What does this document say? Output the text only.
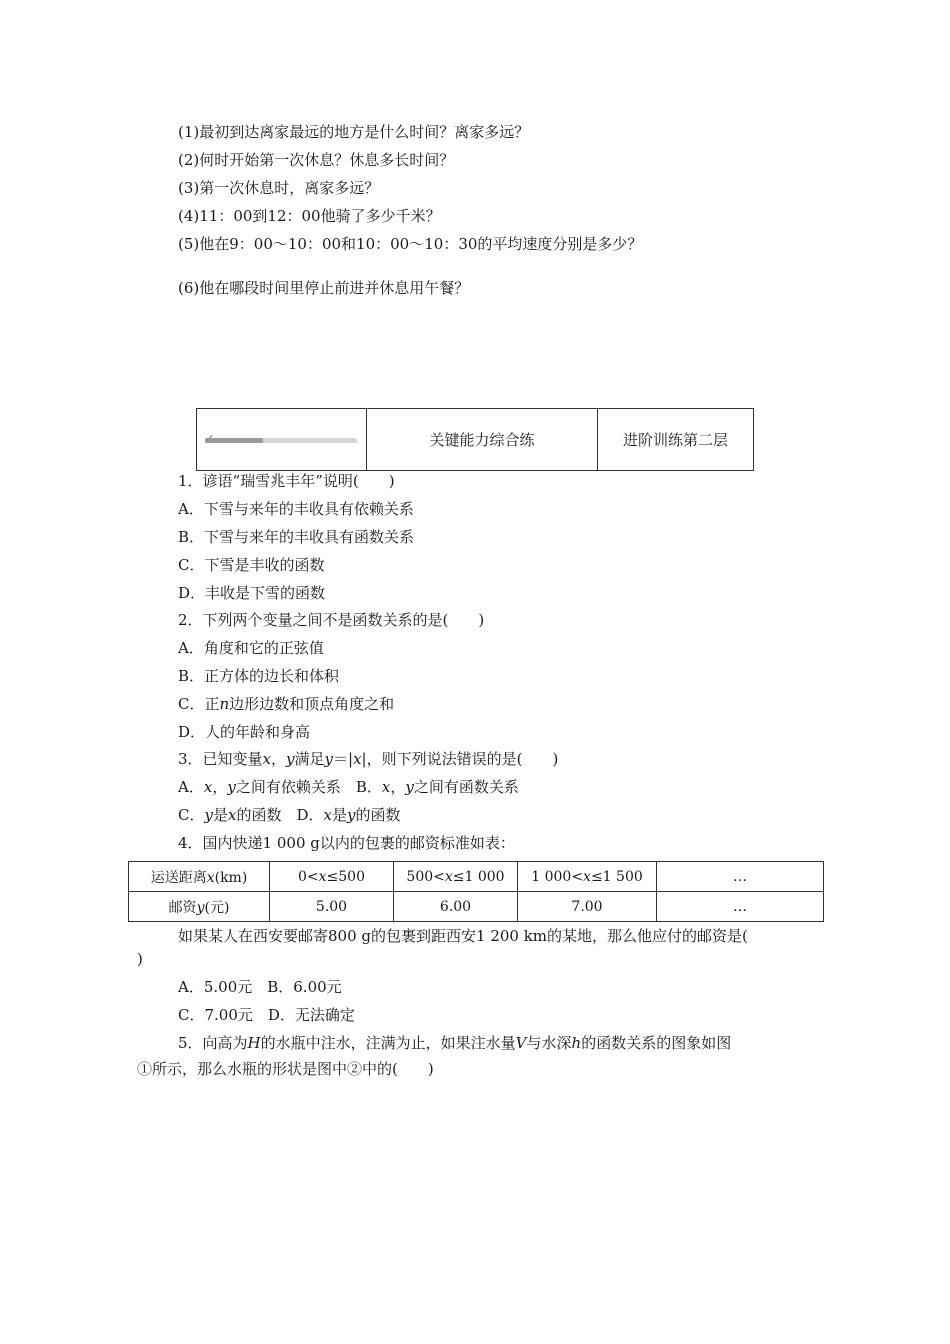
(1)最初到达离家最远的地方是什么时间？离家多远？
(2)何时开始第一次休息？休息多长时间？
(3)第一次休息时，离家多远？
(4)11：00到12：00他骑了多少千米？
(5)他在9：00～10：00和10：00～10：30的平均速度分别是多少？
(6)他在哪段时间里停止前进并休息用午餐？
✔	关键能力综合练	进阶训练第二层
1．谚语“瑞雪兆丰年”说明(　　)
A．下雪与来年的丰收具有依赖关系
B．下雪与来年的丰收具有函数关系
C．下雪是丰收的函数
D．丰收是下雪的函数
2．下列两个变量之间不是函数关系的是(　　)
A．角度和它的正弦值
B．正方体的边长和体积
C．正n边形边数和顶点角度之和
D．人的年龄和身高
3．已知变量x，y满足y＝|x|，则下列说法错误的是(　　)
A．x，y之间有依赖关系　B．x，y之间有函数关系
C．y是x的函数　D．x是y的函数
4．国内快递1 000 g以内的包裹的邮资标准如表：
运送距离x(km)	0<x≤500	500<x≤1 000	1 000<x≤1 500	…
邮资y(元)	5.00	6.00	7.00	…
如果某人在西安要邮寄800 g的包裹到距西安1 200 km的某地，那么他应付的邮资是(
)
A．5.00元　B．6.00元
C．7.00元　D．无法确定
5．向高为H的水瓶中注水，注满为止，如果注水量V与水深h的函数关系的图象如图
①所示，那么水瓶的形状是图中②中的(　　)
